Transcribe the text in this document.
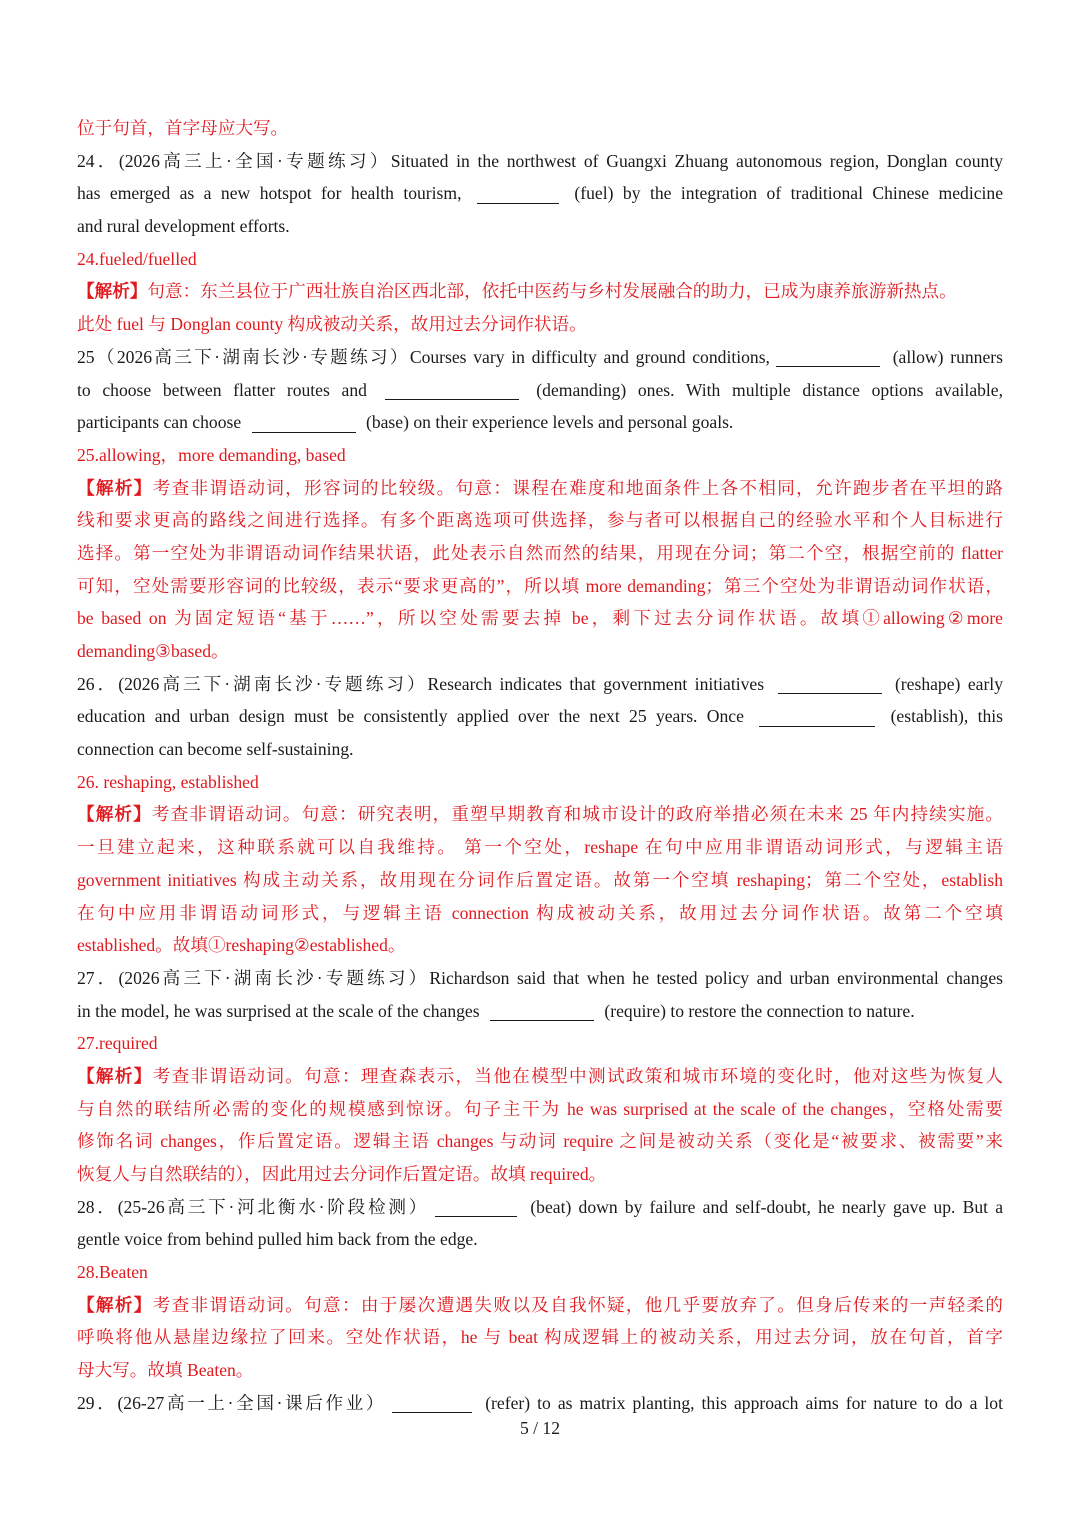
位于句首，首字母应大写。
24．(2026高三上·全国·专题练习）Situated in the northwest of Guangxi Zhuang autonomous region, Donglan county
has emerged as a new hotspot for health tourism,	(fuel) by the integration of traditional Chinese medicine
and rural development efforts.
24.fueled/fuelled
【解析】句意：东兰县位于广西壮族自治区西北部，依托中医药与乡村发展融合的助力，已成为康养旅游新热点。
此处 fuel 与 Donglan county 构成被动关系，故用过去分词作状语。
25（2026高三下·湖南长沙·专题练习）Courses vary in difficulty and ground conditions,	(allow) runners
to choose between flatter routes and	(demanding) ones. With multiple distance options available,
participants can choose	(base) on their experience levels and personal goals.
25.allowing，more demanding, based
【解析】考查非谓语动词，形容词的比较级。句意：课程在难度和地面条件上各不相同，允许跑步者在平坦的路
线和要求更高的路线之间进行选择。有多个距离选项可供选择，参与者可以根据自己的经验水平和个人目标进行
选择。第一空处为非谓语动词作结果状语，此处表示自然而然的结果，用现在分词；第二个空，根据空前的 flatter
可知，空处需要形容词的比较级，表示“要求更高的”，所以填 more demanding；第三个空处为非谓语动词作状语，
be based on 为固定短语“基于……”，所以空处需要去掉 be，剩下过去分词作状语。故填①allowing②more
demanding③based。
26．(2026高三下·湖南长沙·专题练习）Research indicates that government initiatives	(reshape) early
education and urban design must be consistently applied over the next 25 years. Once	(establish), this
connection can become self-sustaining.
26. reshaping, established
【解析】考查非谓语动词。句意：研究表明，重塑早期教育和城市设计的政府举措必须在未来 25 年内持续实施。
一旦建立起来，这种联系就可以自我维持。 第一个空处，reshape 在句中应用非谓语动词形式，与逻辑主语
government initiatives 构成主动关系，故用现在分词作后置定语。故第一个空填 reshaping；第二个空处，establish
在句中应用非谓语动词形式，与逻辑主语 connection 构成被动关系，故用过去分词作状语。故第二个空填
established。故填①reshaping②established。
27．(2026高三下·湖南长沙·专题练习）Richardson said that when he tested policy and urban environmental changes
in the model, he was surprised at the scale of the changes	(require) to restore the connection to nature.
27.required
【解析】考查非谓语动词。句意：理查森表示，当他在模型中测试政策和城市环境的变化时，他对这些为恢复人
与自然的联结所必需的变化的规模感到惊讶。句子主干为 he was surprised at the scale of the changes，空格处需要
修饰名词 changes，作后置定语。逻辑主语 changes 与动词 require 之间是被动关系（变化是“被要求、被需要”来
恢复人与自然联结的），因此用过去分词作后置定语。故填 required。
28．(25-26高三下·河北衡水·阶段检测）	(beat) down by failure and self-doubt, he nearly gave up. But a
gentle voice from behind pulled him back from the edge.
28.Beaten
【解析】考查非谓语动词。句意：由于屡次遭遇失败以及自我怀疑，他几乎要放弃了。但身后传来的一声轻柔的
呼唤将他从悬崖边缘拉了回来。空处作状语，he 与 beat 构成逻辑上的被动关系，用过去分词，放在句首，首字
母大写。故填 Beaten。
29．(26-27高一上·全国·课后作业）	(refer) to as matrix planting, this approach aims for nature to do a lot
5 / 12
